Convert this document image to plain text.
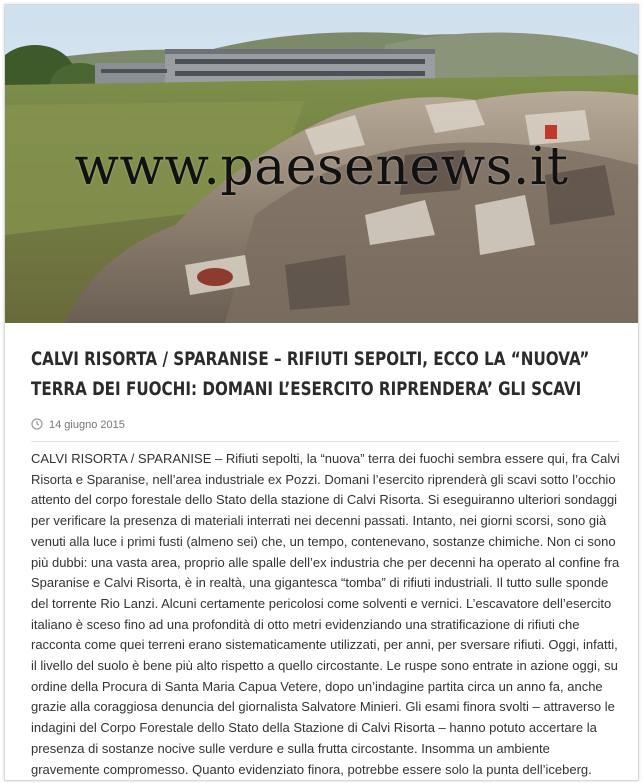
www.paesenews.it
CALVI RISORTA / SPARANISE – RIFIUTI SEPOLTI, ECCO LA “NUOVA” TERRA DEI FUOCHI: DOMANI L’ESERCITO RIPRENDERA’ GLI SCAVI
14 giugno 2015
CALVI RISORTA / SPARANISE – Rifiuti sepolti, la “nuova” terra dei fuochi sembra essere qui, fra Calvi Risorta e Sparanise, nell’area industriale ex Pozzi. Domani l’esercito riprenderà gli scavi sotto l’occhio attento del corpo forestale dello Stato della stazione di Calvi Risorta. Si eseguiranno ulteriori sondaggi per verificare la presenza di materiali interrati nei decenni passati. Intanto, nei giorni scorsi, sono già venuti alla luce i primi fusti (almeno sei) che, un tempo, contenevano, sostanze chimiche. Non ci sono più dubbi: una vasta area, proprio alle spalle dell’ex industria che per decenni ha operato al confine fra Sparanise e Calvi Risorta, è in realtà, una gigantesca “tomba” di rifiuti industriali. Il tutto sulle sponde del torrente Rio Lanzi. Alcuni certamente pericolosi come solventi e vernici. L’escavatore dell’esercito italiano è sceso fino ad una profondità di otto metri evidenziando una stratificazione di rifiuti che racconta come quei terreni erano sistematicamente utilizzati, per anni, per sversare rifiuti. Oggi, infatti, il livello del suolo è bene più alto rispetto a quello circostante. Le ruspe sono entrate in azione oggi, su ordine della Procura di Santa Maria Capua Vetere, dopo un’indagine partita circa un anno fa, anche grazie alla coraggiosa denuncia del giornalista Salvatore Minieri. Gli esami finora svolti – attraverso le indagini del Corpo Forestale dello Stato della Stazione di Calvi Risorta – hanno potuto accertare la presenza di sostanze nocive sulle verdure e sulla frutta circostante. Insomma un ambiente gravemente compromesso. Quanto evidenziato finora, potrebbe essere solo la punta dell’iceberg.
